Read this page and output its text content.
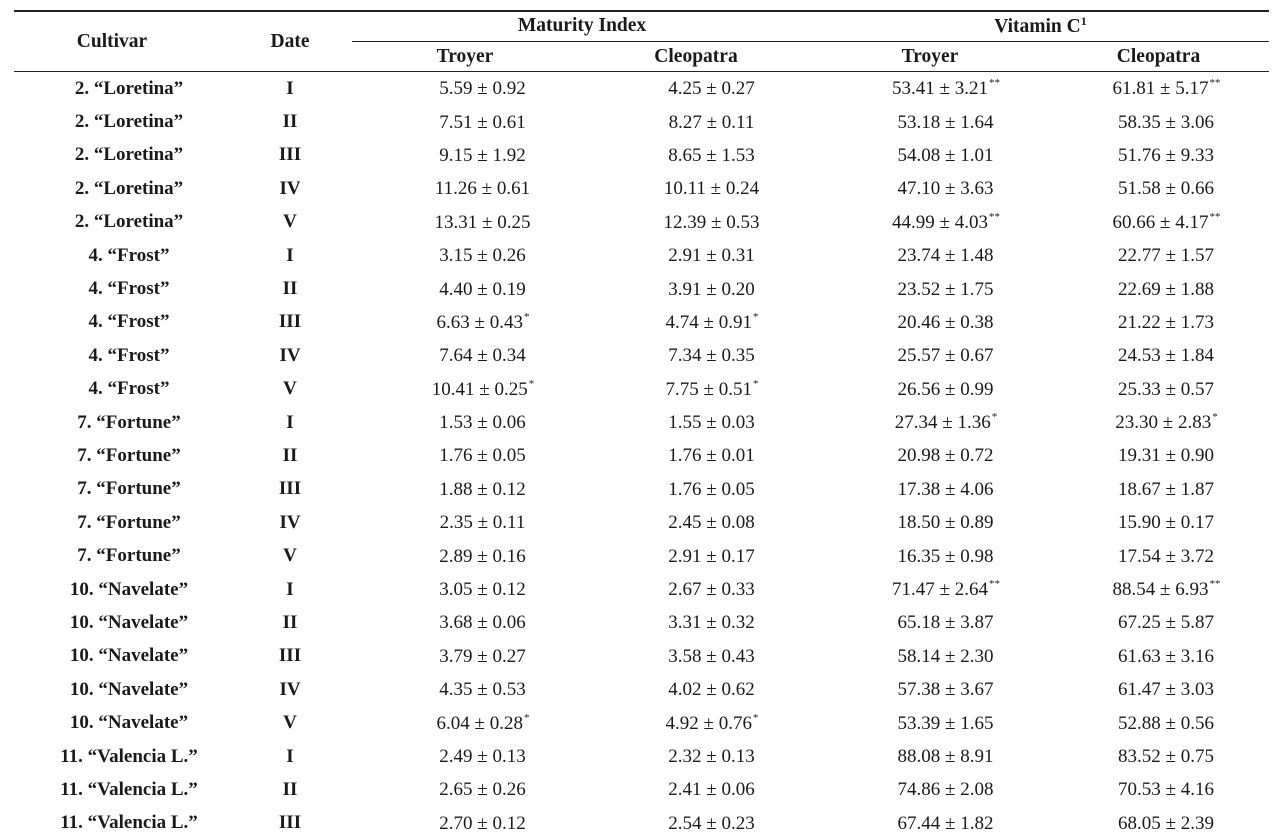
Cultivar	Date
Maturity Index	Vitamin $C^1$
Troyer	Cleopatra	Troyer	Cleopatra
2. “Loretina”	I	5.59 ± 0.92	4.25 ± 0.27	53.41 ± 3.21**	61.81 ± 5.17**
2. “Loretina”	II	7.51 ± 0.61	8.27 ± 0.11	53.18 ± 1.64	58.35 ± 3.06
2. “Loretina”	III	9.15 ± 1.92	8.65 ± 1.53	54.08 ± 1.01	51.76 ± 9.33
2. “Loretina”	IV	11.26 ± 0.61	10.11 ± 0.24	47.10 ± 3.63	51.58 ± 0.66
2. “Loretina”	V	13.31 ± 0.25	12.39 ± 0.53	44.99 ± 4.03**	60.66 ± 4.17**
4. “Frost”	I	3.15 ± 0.26	2.91 ± 0.31	23.74 ± 1.48	22.77 ± 1.57
4. “Frost”	II	4.40 ± 0.19	3.91 ± 0.20	23.52 ± 1.75	22.69 ± 1.88
4. “Frost”	III	6.63 ± 0.43*	4.74 ± 0.91*	20.46 ± 0.38	21.22 ± 1.73
4. “Frost”	IV	7.64 ± 0.34	7.34 ± 0.35	25.57 ± 0.67	24.53 ± 1.84
4. “Frost”	V	10.41 ± 0.25*	7.75 ± 0.51*	26.56 ± 0.99	25.33 ± 0.57
7. “Fortune”	I	1.53 ± 0.06	1.55 ± 0.03	27.34 ± 1.36*	23.30 ± 2.83*
7. “Fortune”	II	1.76 ± 0.05	1.76 ± 0.01	20.98 ± 0.72	19.31 ± 0.90
7. “Fortune”	III	1.88 ± 0.12	1.76 ± 0.05	17.38 ± 4.06	18.67 ± 1.87
7. “Fortune”	IV	2.35 ± 0.11	2.45 ± 0.08	18.50 ± 0.89	15.90 ± 0.17
7. “Fortune”	V	2.89 ± 0.16	2.91 ± 0.17	16.35 ± 0.98	17.54 ± 3.72
10. “Navelate”	I	3.05 ± 0.12	2.67 ± 0.33	71.47 ± 2.64**	88.54 ± 6.93**
10. “Navelate”	II	3.68 ± 0.06	3.31 ± 0.32	65.18 ± 3.87	67.25 ± 5.87
10. “Navelate”	III	3.79 ± 0.27	3.58 ± 0.43	58.14 ± 2.30	61.63 ± 3.16
10. “Navelate”	IV	4.35 ± 0.53	4.02 ± 0.62	57.38 ± 3.67	61.47 ± 3.03
10. “Navelate”	V	6.04 ± 0.28*	4.92 ± 0.76*	53.39 ± 1.65	52.88 ± 0.56
11. “Valencia L.”	I	2.49 ± 0.13	2.32 ± 0.13	88.08 ± 8.91	83.52 ± 0.75
11. “Valencia L.”	II	2.65 ± 0.26	2.41 ± 0.06	74.86 ± 2.08	70.53 ± 4.16
11. “Valencia L.”	III	2.70 ± 0.12	2.54 ± 0.23	67.44 ± 1.82	68.05 ± 2.39
